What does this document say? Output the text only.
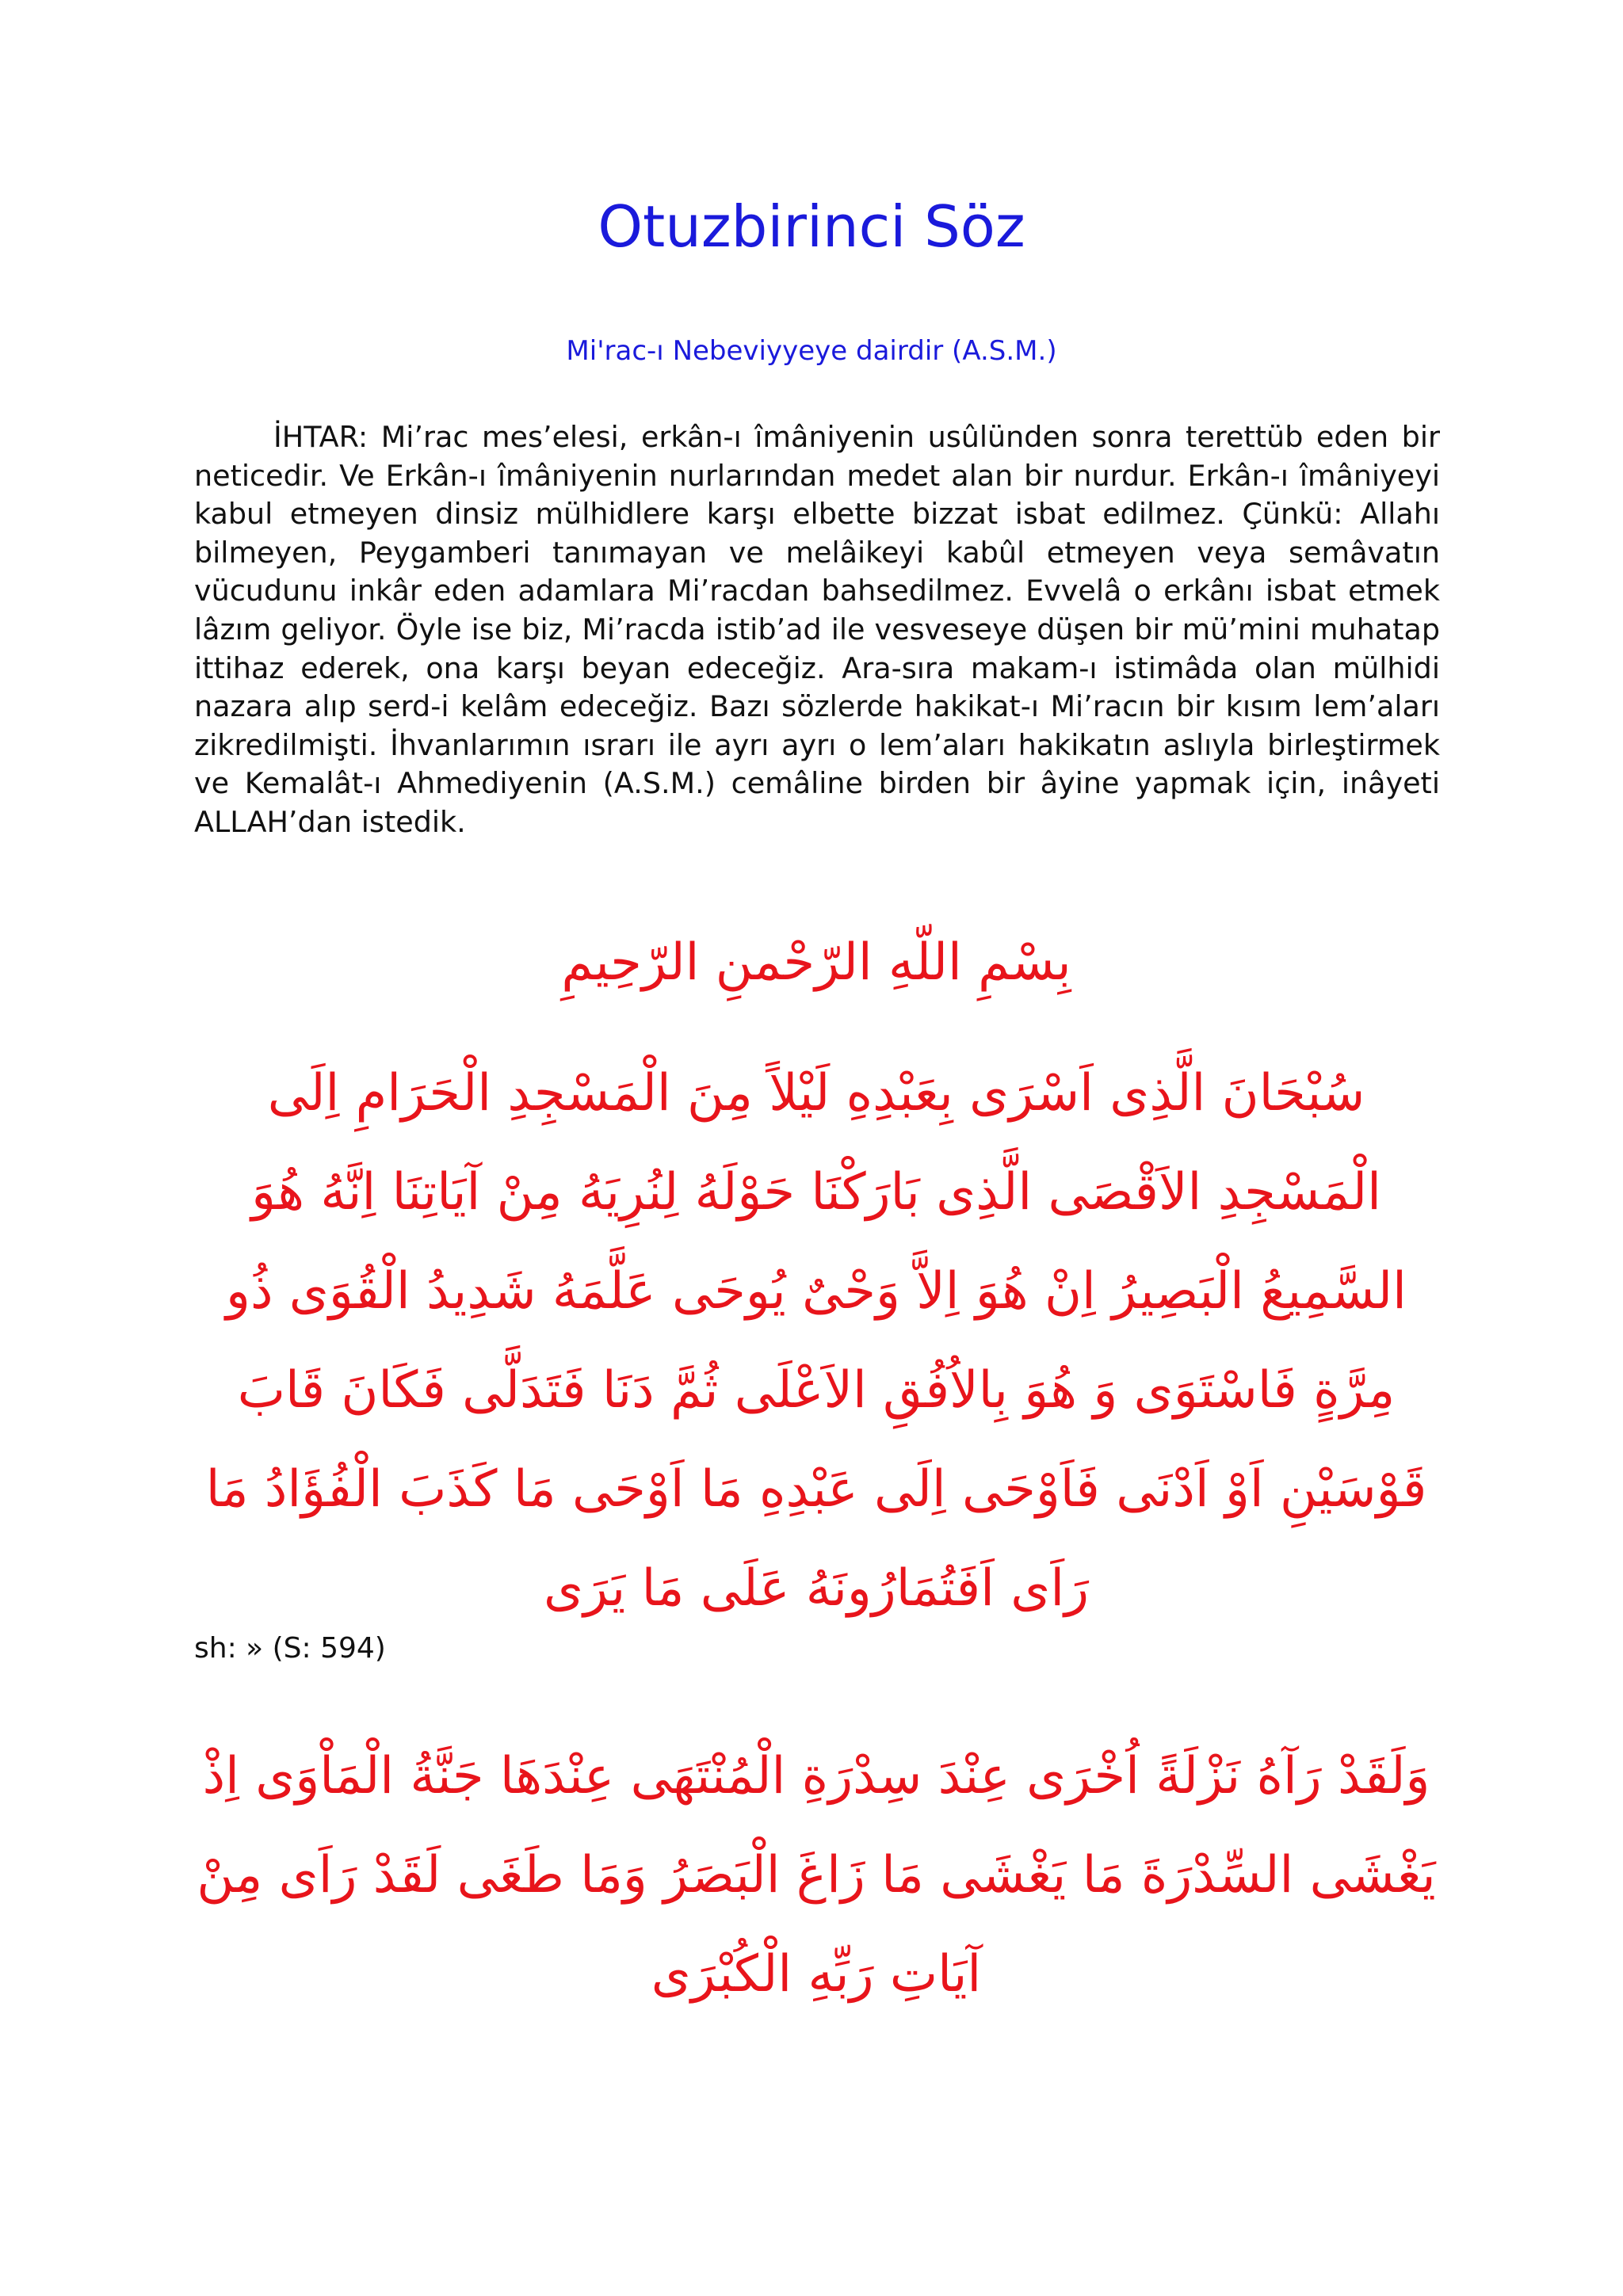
Otuzbirinci Söz
Mi'rac-ı Nebeviyyeye dairdir (A.S.M.)

İHTAR: Mi’rac mes’elesi, erkân-ı îmâniyenin usûlünden sonra terettüb eden bir neticedir. Ve Erkân-ı îmâniyenin nurlarından medet alan bir nurdur. Erkân-ı îmâniyeyi kabul etmeyen dinsiz mülhidlere karşı elbette bizzat isbat edilmez. Çünkü: Allahı bilmeyen, Peygamberi tanımayan ve melâikeyi kabûl etmeyen veya semâvatın vücudunu inkâr eden adamlara Mi’racdan bahsedilmez. Evvelâ o erkânı isbat etmek lâzım geliyor. Öyle ise biz, Mi’racda istib’ad ile vesveseye düşen bir mü’mini muhatap ittihaz ederek, ona karşı beyan edeceğiz. Ara-sıra makam-ı istimâda olan mülhidi nazara alıp serd-i kelâm edeceğiz. Bazı sözlerde hakikat-ı Mi’racın bir kısım lem’aları zikredilmişti. İhvanlarımın ısrarı ile ayrı ayrı o lem’aları hakikatın aslıyla birleştirmek ve Kemalât-ı Ahmediyenin (A.S.M.) cemâline birden bir âyine yapmak için, inâyeti ALLAH’dan istedik.

بِسْمِ اللّهِ الرّحْمنِ الرّحِيمِ

سُبْحَانَ الَّذِى اَسْرَى بِعَبْدِهِ لَيْلاً مِنَ الْمَسْجِدِ الْحَرَامِ اِلَى الْمَسْجِدِ الاَقْصَى الَّذِى بَارَكْنَا حَوْلَهُ لِنُرِيَهُ مِنْ آيَاتِنَا اِنَّهُ هُوَ السَّمِيعُ الْبَصِيرُ اِنْ هُوَ اِلاَّ وَحْىٌ يُوحَى عَلَّمَهُ شَدِيدُ الْقُوَى ذُو مِرَّةٍ فَاسْتَوَى وَ هُوَ بِالاُفُقِ الاَعْلَى ثُمَّ دَنَا فَتَدَلَّى فَكَانَ قَابَ قَوْسَيْنِ اَوْ اَدْنَى فَاَوْحَى اِلَى عَبْدِهِ مَا اَوْحَى مَا كَذَبَ الْفُؤَادُ مَا رَاَى اَفَتُمَارُونَهُ عَلَى مَا يَرَى

sh: » (S: 594)

وَلَقَدْ رَآهُ نَزْلَةً اُخْرَى عِنْدَ سِدْرَةِ الْمُنْتَهَى عِنْدَهَا جَنَّةُ الْمَاْوَى اِذْ يَغْشَى السِّدْرَةَ مَا يَغْشَى مَا زَاغَ الْبَصَرُ وَمَا طَغَى لَقَدْ رَاَى مِنْ آيَاتِ رَبِّهِ الْكُبْرَى
